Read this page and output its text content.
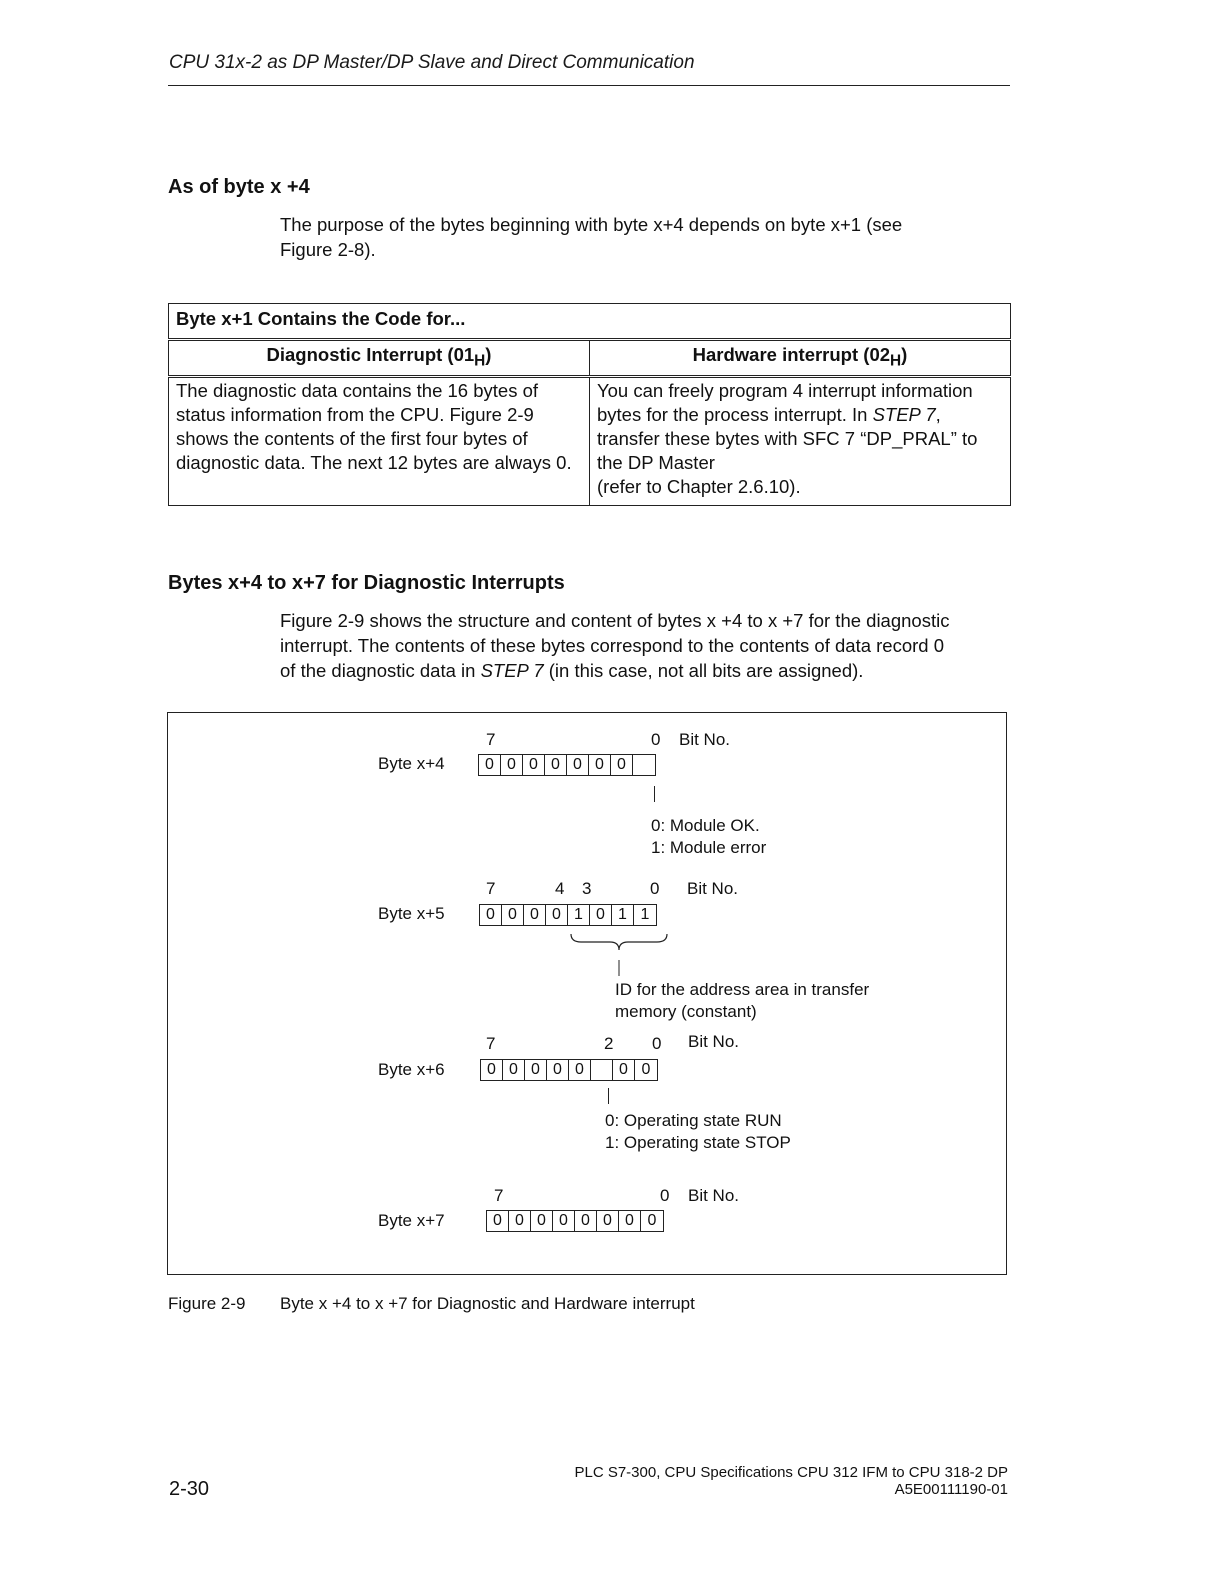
CPU 31x-2 as DP Master/DP Slave and Direct Communication
As of byte x +4
The purpose of the bytes beginning with byte x+4 depends on byte x+1 (see
Figure 2-8).
Byte x+1 Contains the Code for...	
Diagnostic Interrupt $(01_H)$	Hardware interrupt $(02_H)$
The diagnostic data contains the 16 bytes of status information from the CPU. Figure 2-9 shows the contents of the first four bytes of diagnostic data. The next 12 bytes are always 0.	You can freely program 4 interrupt information bytes for the process interrupt. In STEP 7, transfer these bytes with SFC 7 “DP_PRAL” to the DP Master
(refer to Chapter 2.6.10).
Bytes x+4 to x+7 for Diagnostic Interrupts
Figure 2-9 shows the structure and content of bytes x +4 to x +7 for the diagnostic
interrupt. The contents of these bytes correspond to the contents of data record 0
of the diagnostic data in STEP 7 (in this case, not all bits are assigned).
7	0 Bit No.
Byte x+4	0 0 0 0 0 0 0
0: Module OK.
1: Module error
7	4 3	0 Bit No.
Byte x+5	0 0 0 0 1 0 1 1
ID for the address area in transfer
memory (constant)
7	2 0 Bit No.
Byte x+6	0 0 0 0 0	0 0
0: Operating state RUN
1: Operating state STOP
7	0 Bit No.
Byte x+7	0 0 0 0 0 0 0 0
Figure 2-9 Byte x +4 to x +7 for Diagnostic and Hardware interrupt
2-30
PLC S7-300, CPU Specifications CPU 312 IFM to CPU 318-2 DP
A5E00111190-01
